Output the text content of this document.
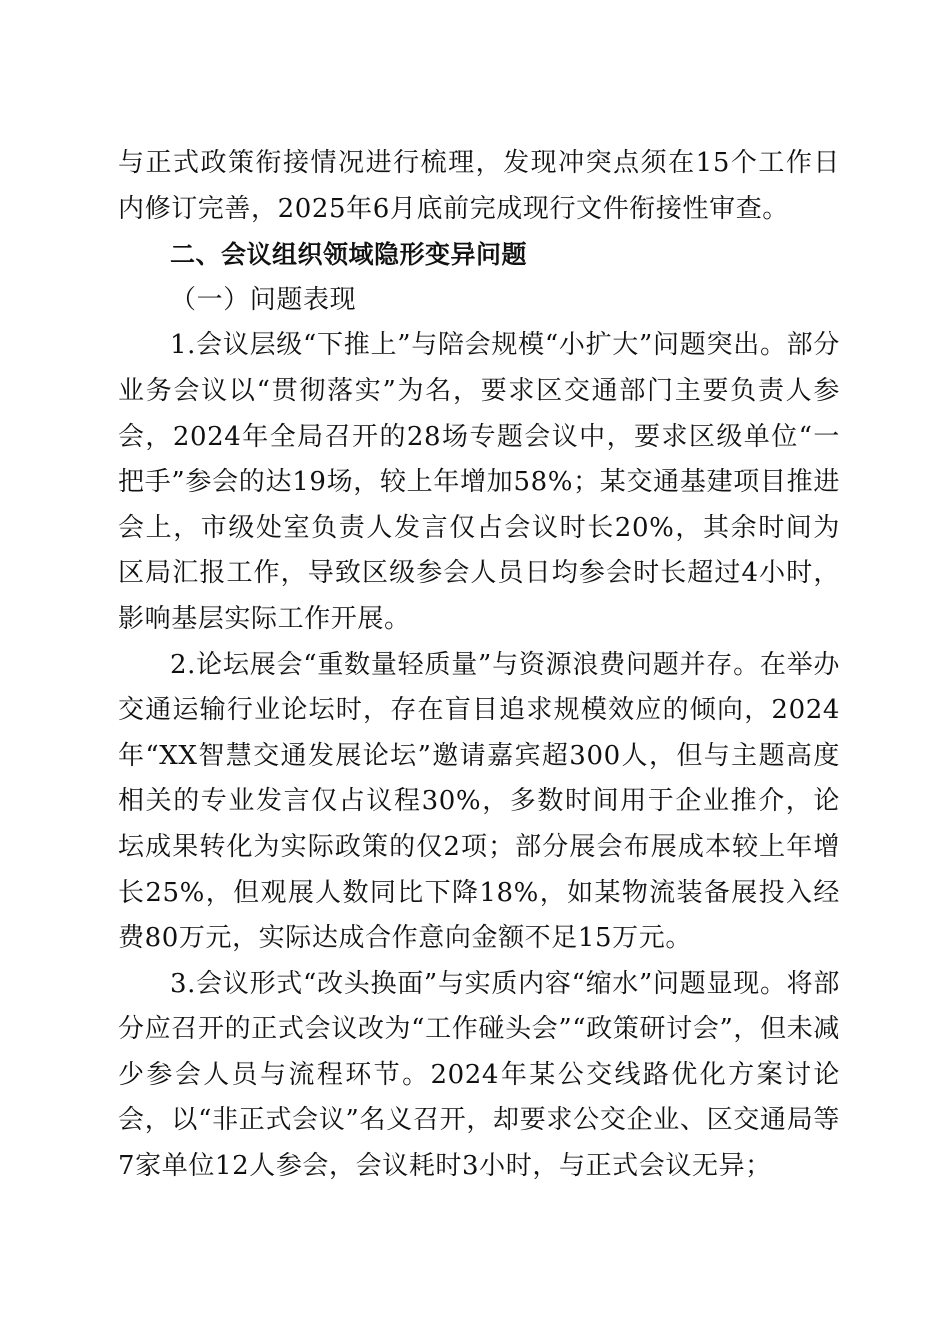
与正式政策衔接情况进行梳理，发现冲突点须在15个工作日内修订完善，2025年6月底前完成现行文件衔接性审查。

二、会议组织领域隐形变异问题

（一）问题表现

1.会议层级“下推上”与陪会规模“小扩大”问题突出。部分业务会议以“贯彻落实”为名，要求区交通部门主要负责人参会，2024年全局召开的28场专题会议中，要求区级单位“一把手”参会的达19场，较上年增加58%；某交通基建项目推进会上，市级处室负责人发言仅占会议时长20%，其余时间为区局汇报工作，导致区级参会人员日均参会时长超过4小时，影响基层实际工作开展。

2.论坛展会“重数量轻质量”与资源浪费问题并存。在举办交通运输行业论坛时，存在盲目追求规模效应的倾向，2024年“XX智慧交通发展论坛”邀请嘉宾超300人，但与主题高度相关的专业发言仅占议程30%，多数时间用于企业推介，论坛成果转化为实际政策的仅2项；部分展会布展成本较上年增长25%，但观展人数同比下降18%，如某物流装备展投入经费80万元，实际达成合作意向金额不足15万元。

3.会议形式“改头换面”与实质内容“缩水”问题显现。将部分应召开的正式会议改为“工作碰头会”“政策研讨会”，但未减少参会人员与流程环节。2024年某公交线路优化方案讨论会，以“非正式会议”名义召开，却要求公交企业、区交通局等7家单位12人参会，会议耗时3小时，与正式会议无异；
